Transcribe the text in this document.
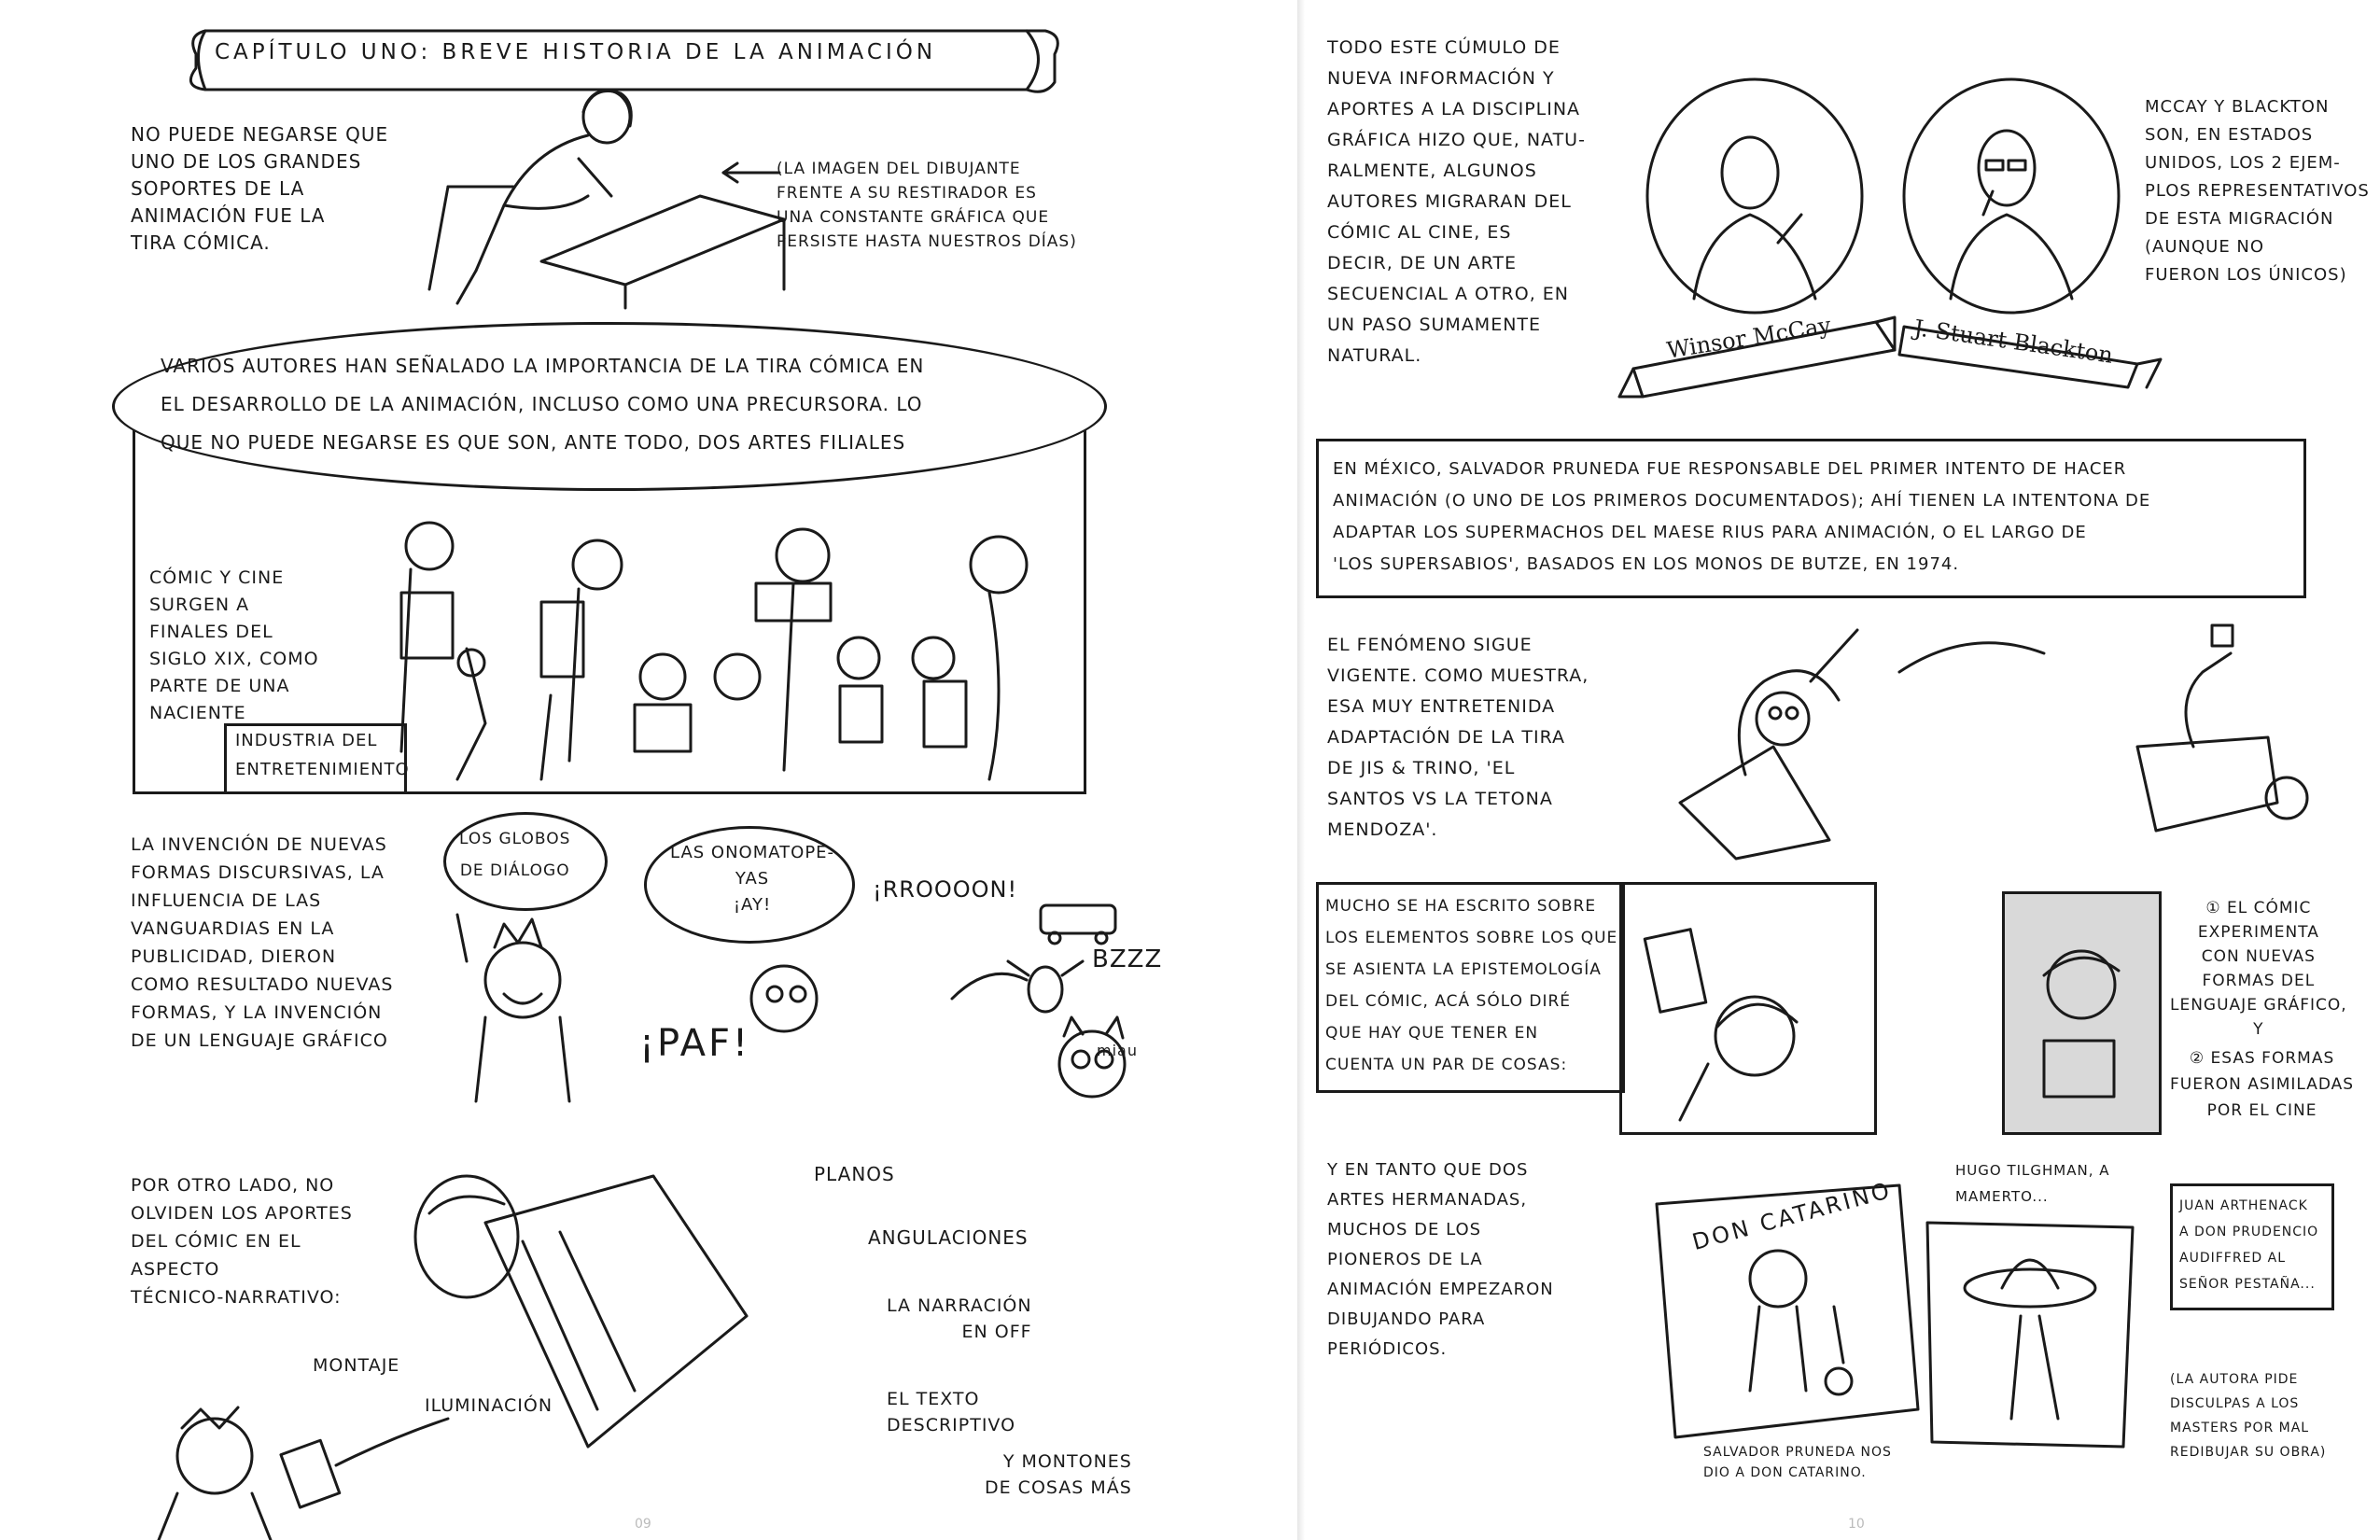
CAPÍTULO UNO: BREVE HISTORIA DE LA ANIMACIÓN
NO PUEDE NEGARSE QUE
UNO DE LOS GRANDES
SOPORTES DE LA
ANIMACIÓN FUE LA
TIRA CÓMICA.
(LA IMAGEN DEL DIBUJANTE
FRENTE A SU RESTIRADOR ES
UNA CONSTANTE GRÁFICA QUE
PERSISTE HASTA NUESTROS DÍAS)
VARIOS AUTORES HAN SEÑALADO LA IMPORTANCIA DE LA TIRA CÓMICA EN
EL DESARROLLO DE LA ANIMACIÓN, INCLUSO COMO UNA PRECURSORA. LO
QUE NO PUEDE NEGARSE ES QUE SON, ANTE TODO, DOS ARTES FILIALES
CÓMIC Y CINE
SURGEN A
FINALES DEL
SIGLO XIX, COMO
PARTE DE UNA
NACIENTE
INDUSTRIA DEL
ENTRETENIMIENTO
LA INVENCIÓN DE NUEVAS
FORMAS DISCURSIVAS, LA
INFLUENCIA DE LAS
VANGUARDIAS EN LA
PUBLICIDAD, DIERON
COMO RESULTADO NUEVAS
FORMAS, Y LA INVENCIÓN
DE UN LENGUAJE GRÁFICO
LOS GLOBOS
DE DIÁLOGO
LAS ONOMATOPE-
YAS
¡AY!
¡RROOOON!
BZZZ
¡PAF!	miau
POR OTRO LADO, NO
OLVIDEN LOS APORTES
DEL CÓMIC EN EL
ASPECTO
TÉCNICO-NARRATIVO:
PLANOS
ANGULACIONES
LA NARRACIÓN
EN OFF
EL TEXTO
DESCRIPTIVO
Y MONTONES
DE COSAS MÁS
MONTAJE
ILUMINACIÓN
09
TODO ESTE CÚMULO DE
NUEVA INFORMACIÓN Y
APORTES A LA DISCIPLINA
GRÁFICA HIZO QUE, NATU-
RALMENTE, ALGUNOS
AUTORES MIGRARAN DEL
CÓMIC AL CINE, ES
DECIR, DE UN ARTE
SECUENCIAL A OTRO, EN
UN PASO SUMAMENTE
NATURAL.	Winsor McCay	J. Stuart Blackton
MCCAY Y BLACKTON
SON, EN ESTADOS
UNIDOS, LOS 2 EJEM-
PLOS REPRESENTATIVOS
DE ESTA MIGRACIÓN
(AUNQUE NO
FUERON LOS ÚNICOS)
EN MÉXICO, SALVADOR PRUNEDA FUE RESPONSABLE DEL PRIMER INTENTO DE HACER
ANIMACIÓN (O UNO DE LOS PRIMEROS DOCUMENTADOS); AHÍ TIENEN LA INTENTONA DE
ADAPTAR LOS SUPERMACHOS DEL MAESE RIUS PARA ANIMACIÓN, O EL LARGO DE
'LOS SUPERSABIOS', BASADOS EN LOS MONOS DE BUTZE, EN 1974.
EL FENÓMENO SIGUE
VIGENTE. COMO MUESTRA,
ESA MUY ENTRETENIDA
ADAPTACIÓN DE LA TIRA
DE JIS & TRINO, 'EL
SANTOS VS LA TETONA
MENDOZA'.
MUCHO SE HA ESCRITO SOBRE
LOS ELEMENTOS SOBRE LOS QUE
SE ASIENTA LA EPISTEMOLOGÍA
DEL CÓMIC, ACÁ SÓLO DIRÉ
QUE HAY QUE TENER EN
CUENTA UN PAR DE COSAS:
① EL CÓMIC
EXPERIMENTA
CON NUEVAS
FORMAS DEL
LENGUAJE GRÁFICO,
Y
② ESAS FORMAS
FUERON ASIMILADAS
POR EL CINE
Y EN TANTO QUE DOS
ARTES HERMANADAS,
MUCHOS DE LOS
PIONEROS DE LA
ANIMACIÓN EMPEZARON
DIBUJANDO PARA
PERIÓDICOS.
DON CATARINO
SALVADOR PRUNEDA NOS
DIO A DON CATARINO.
HUGO TILGHMAN, A
MAMERTO...
JUAN ARTHENACK
A DON PRUDENCIO
AUDIFFRED AL
SEÑOR PESTAÑA...
(LA AUTORA PIDE
DISCULPAS A LOS
MASTERS POR MAL
REDIBUJAR SU OBRA)
10
